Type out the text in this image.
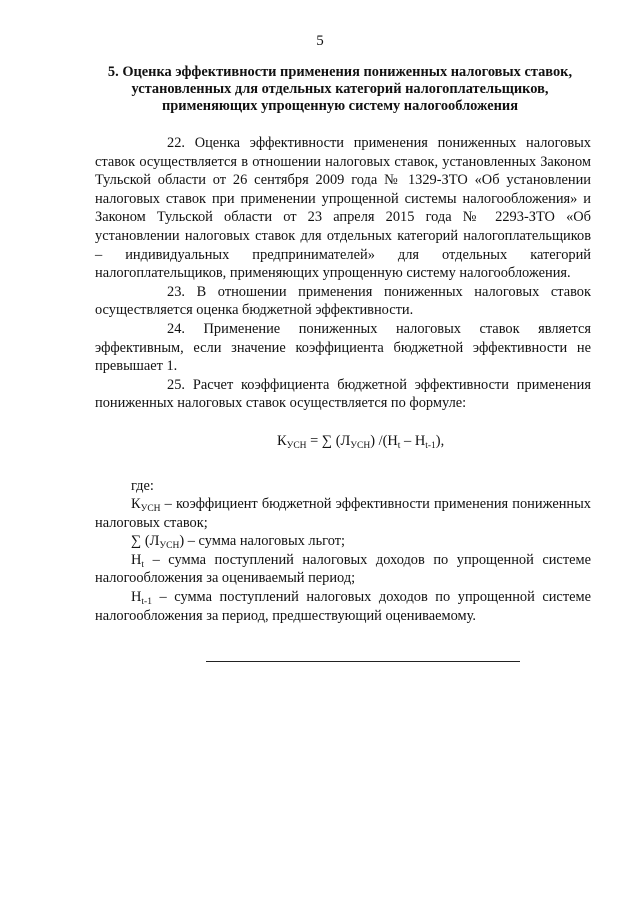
5
5. Оценка эффективности применения пониженных налоговых ставок,
установленных для отдельных категорий налогоплательщиков,
применяющих упрощенную систему налогообложения

22. Оценка эффективности применения пониженных налоговых ставок осуществляется в отношении налоговых ставок, установленных Законом Тульской области от 26 сентября 2009 года № 1329-ЗТО «Об установлении налоговых ставок при применении упрощенной системы налогообложения» и Законом Тульской области от 23 апреля 2015 года № 2293-ЗТО «Об установлении налоговых ставок для отдельных категорий налогоплательщиков – индивидуальных предпринимателей» для отдельных категорий налогоплательщиков, применяющих упрощенную систему налогообложения.

23. В отношении применения пониженных налоговых ставок осуществляется оценка бюджетной эффективности.

24. Применение пониженных налоговых ставок является эффективным, если значение коэффициента бюджетной эффективности не превышает 1.

25. Расчет коэффициента бюджетной эффективности применения пониженных налоговых ставок осуществляется по формуле:

$К_{УСН}$ = ∑ $(Л_{УСН})$ $/(Н_t - Н_{t-1})$,

где:

$К_{УСН}$ – коэффициент бюджетной эффективности применения пониженных налоговых ставок;

∑ $(Л_{УСН})$ – сумма налоговых льгот;

$Н_t$ – сумма поступлений налоговых доходов по упрощенной системе налогообложения за оцениваемый период;

$Н_{t-1}$ – сумма поступлений налоговых доходов по упрощенной системе налогообложения за период, предшествующий оцениваемому.
